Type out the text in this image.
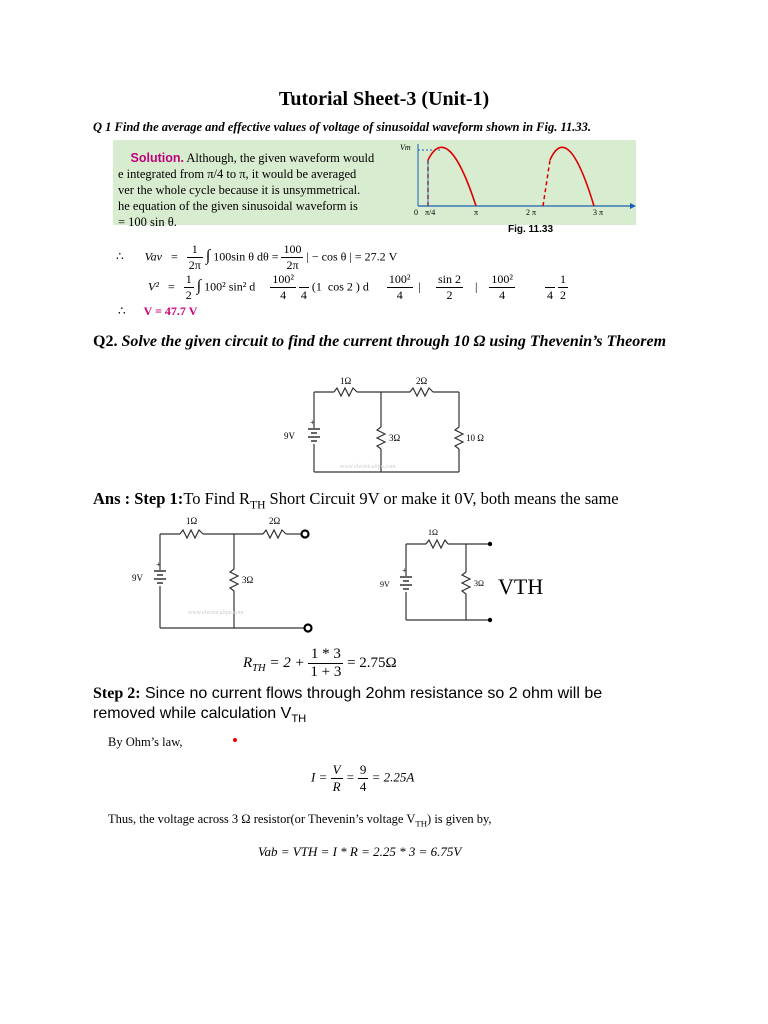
Tutorial Sheet-3 (Unit-1)
Q 1 Find the average and effective values of voltage of sinusoidal waveform shown in Fig. 11.33.
Solution. Although, the given waveform would
e integrated from π/4 to π, it would be averaged
ver the whole cycle because it is unsymmetrical.
he equation of the given sinusoidal waveform is
= 100 sin θ.
Vm
0 π/4	π	2 π	3 π
Fig. 11.33
∴       Vav   = $\frac{1}{2\pi}$ ∫ 100sin θ $d\theta = \frac{100}{2\pi}$ | − cos θ | = 27.2 V
$V^2 = \frac{1}{2}$ ∫ 100² sin² d $\frac{\text{100²}}{4}$

4
(1  cos 2 ) d $\frac{\text{100²}}{4}$ | $\frac{\sin 2}{2}$ | $\frac{\text{100²}}{4}$

	4
$\frac{1}{2}$
∴      V = 47.7 V
Q2. Solve the given circuit to find the current through 10 Ω using Thevenin’s Theorem
+
9V
1Ω	2Ω
3Ω	10 Ω
www.electricaltpu.com
Ans : Step 1:To Find $R_{TH}$ Short Circuit 9V or make it 0V, both means the same
+
9V
1Ω	2Ω
3Ω
www.electricaltpu.com
+
9V
1Ω
3Ω VTH
$R_{TH} = 2 + \frac{1 * 3}{1 + 3} = 2.75\Omega$
Step 2: Since no current flows through 2ohm resistance so 2 ohm will be removed while calculation $V_{TH}$
By Ohm’s law,
$I = \frac{V}{R} = \frac{9}{4} = 2.25A$
Thus, the voltage across 3 Ω resistor(or Thevenin’s voltage $V_{TH}$) is given by,
Vab = VTH = I * R = 2.25 * 3 = 6.75V
